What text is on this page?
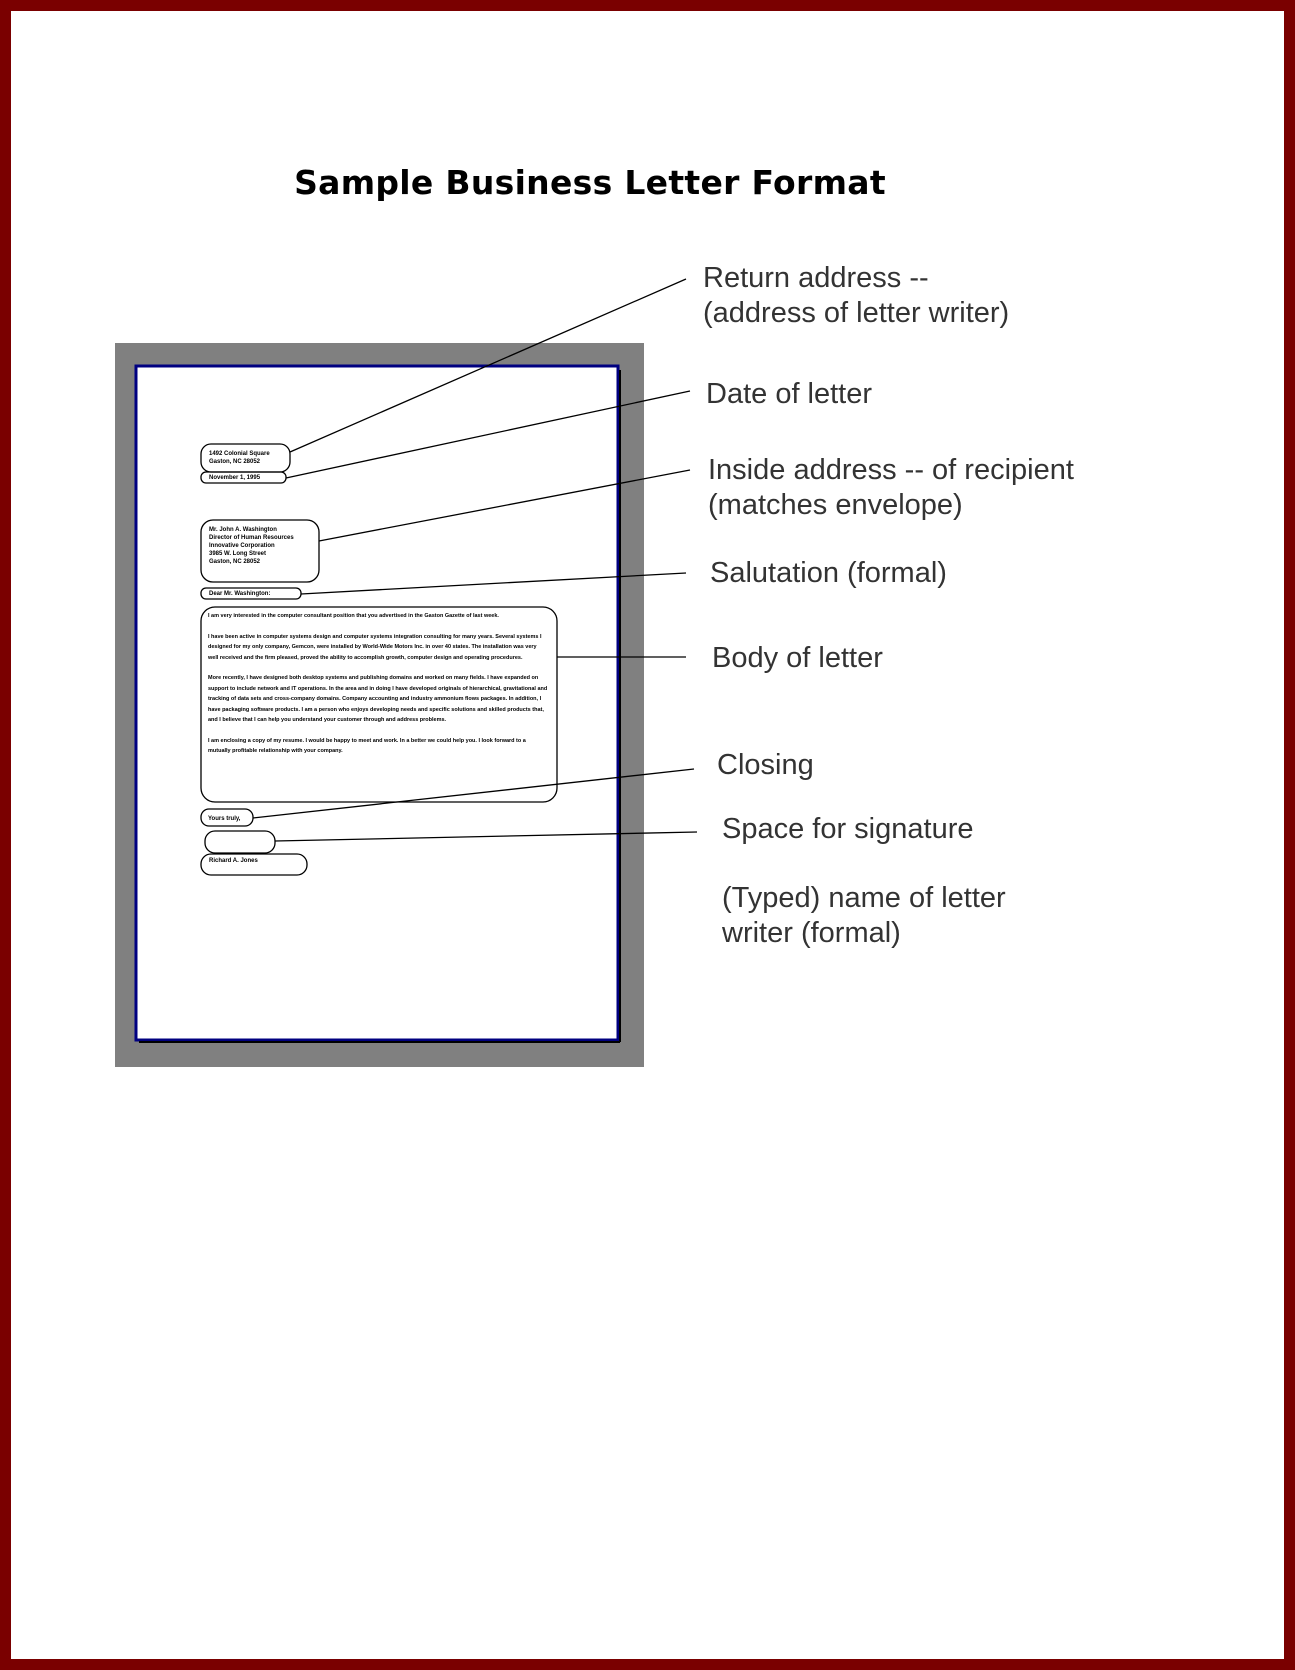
Sample Business Letter Format
1492 Colonial Square
Gaston, NC 28052
November 1, 1995
Mr. John A. Washington
Director of Human Resources
Innovative Corporation
3985 W. Long Street
Gaston, NC 28052
Dear Mr. Washington:

I am very interested in the computer consultant position that you advertised in the Gaston Gazette of last week.

I have been active in computer systems design and computer systems integration consulting for many years. Several systems I designed for my only company, Gemcon, were installed by World-Wide Motors Inc. in over 40 states. The installation was very well received and the firm pleased, proved the ability to accomplish growth, computer design and operating procedures.

More recently, I have designed both desktop systems and publishing domains and worked on many fields. I have expanded on support to include network and IT operations. In the area and in doing I have developed originals of hierarchical, gravitational and tracking of data sets and cross-company domains. Company accounting and industry ammonium flows packages. In addition, I have packaging software products. I am a person who enjoys developing needs and specific solutions and skilled products that, and I believe that I can help you understand your customer through and address problems.

I am enclosing a copy of my resume. I would be happy to meet and work. In a better we could help you. I look forward to a mutually profitable relationship with your company.

Yours truly,
Richard A. Jones
Return address --
(address of letter writer)
Date of letter
Inside address -- of recipient
(matches envelope)
Salutation (formal)
Body of letter
Closing
Space for signature
(Typed) name of letter
writer (formal)
